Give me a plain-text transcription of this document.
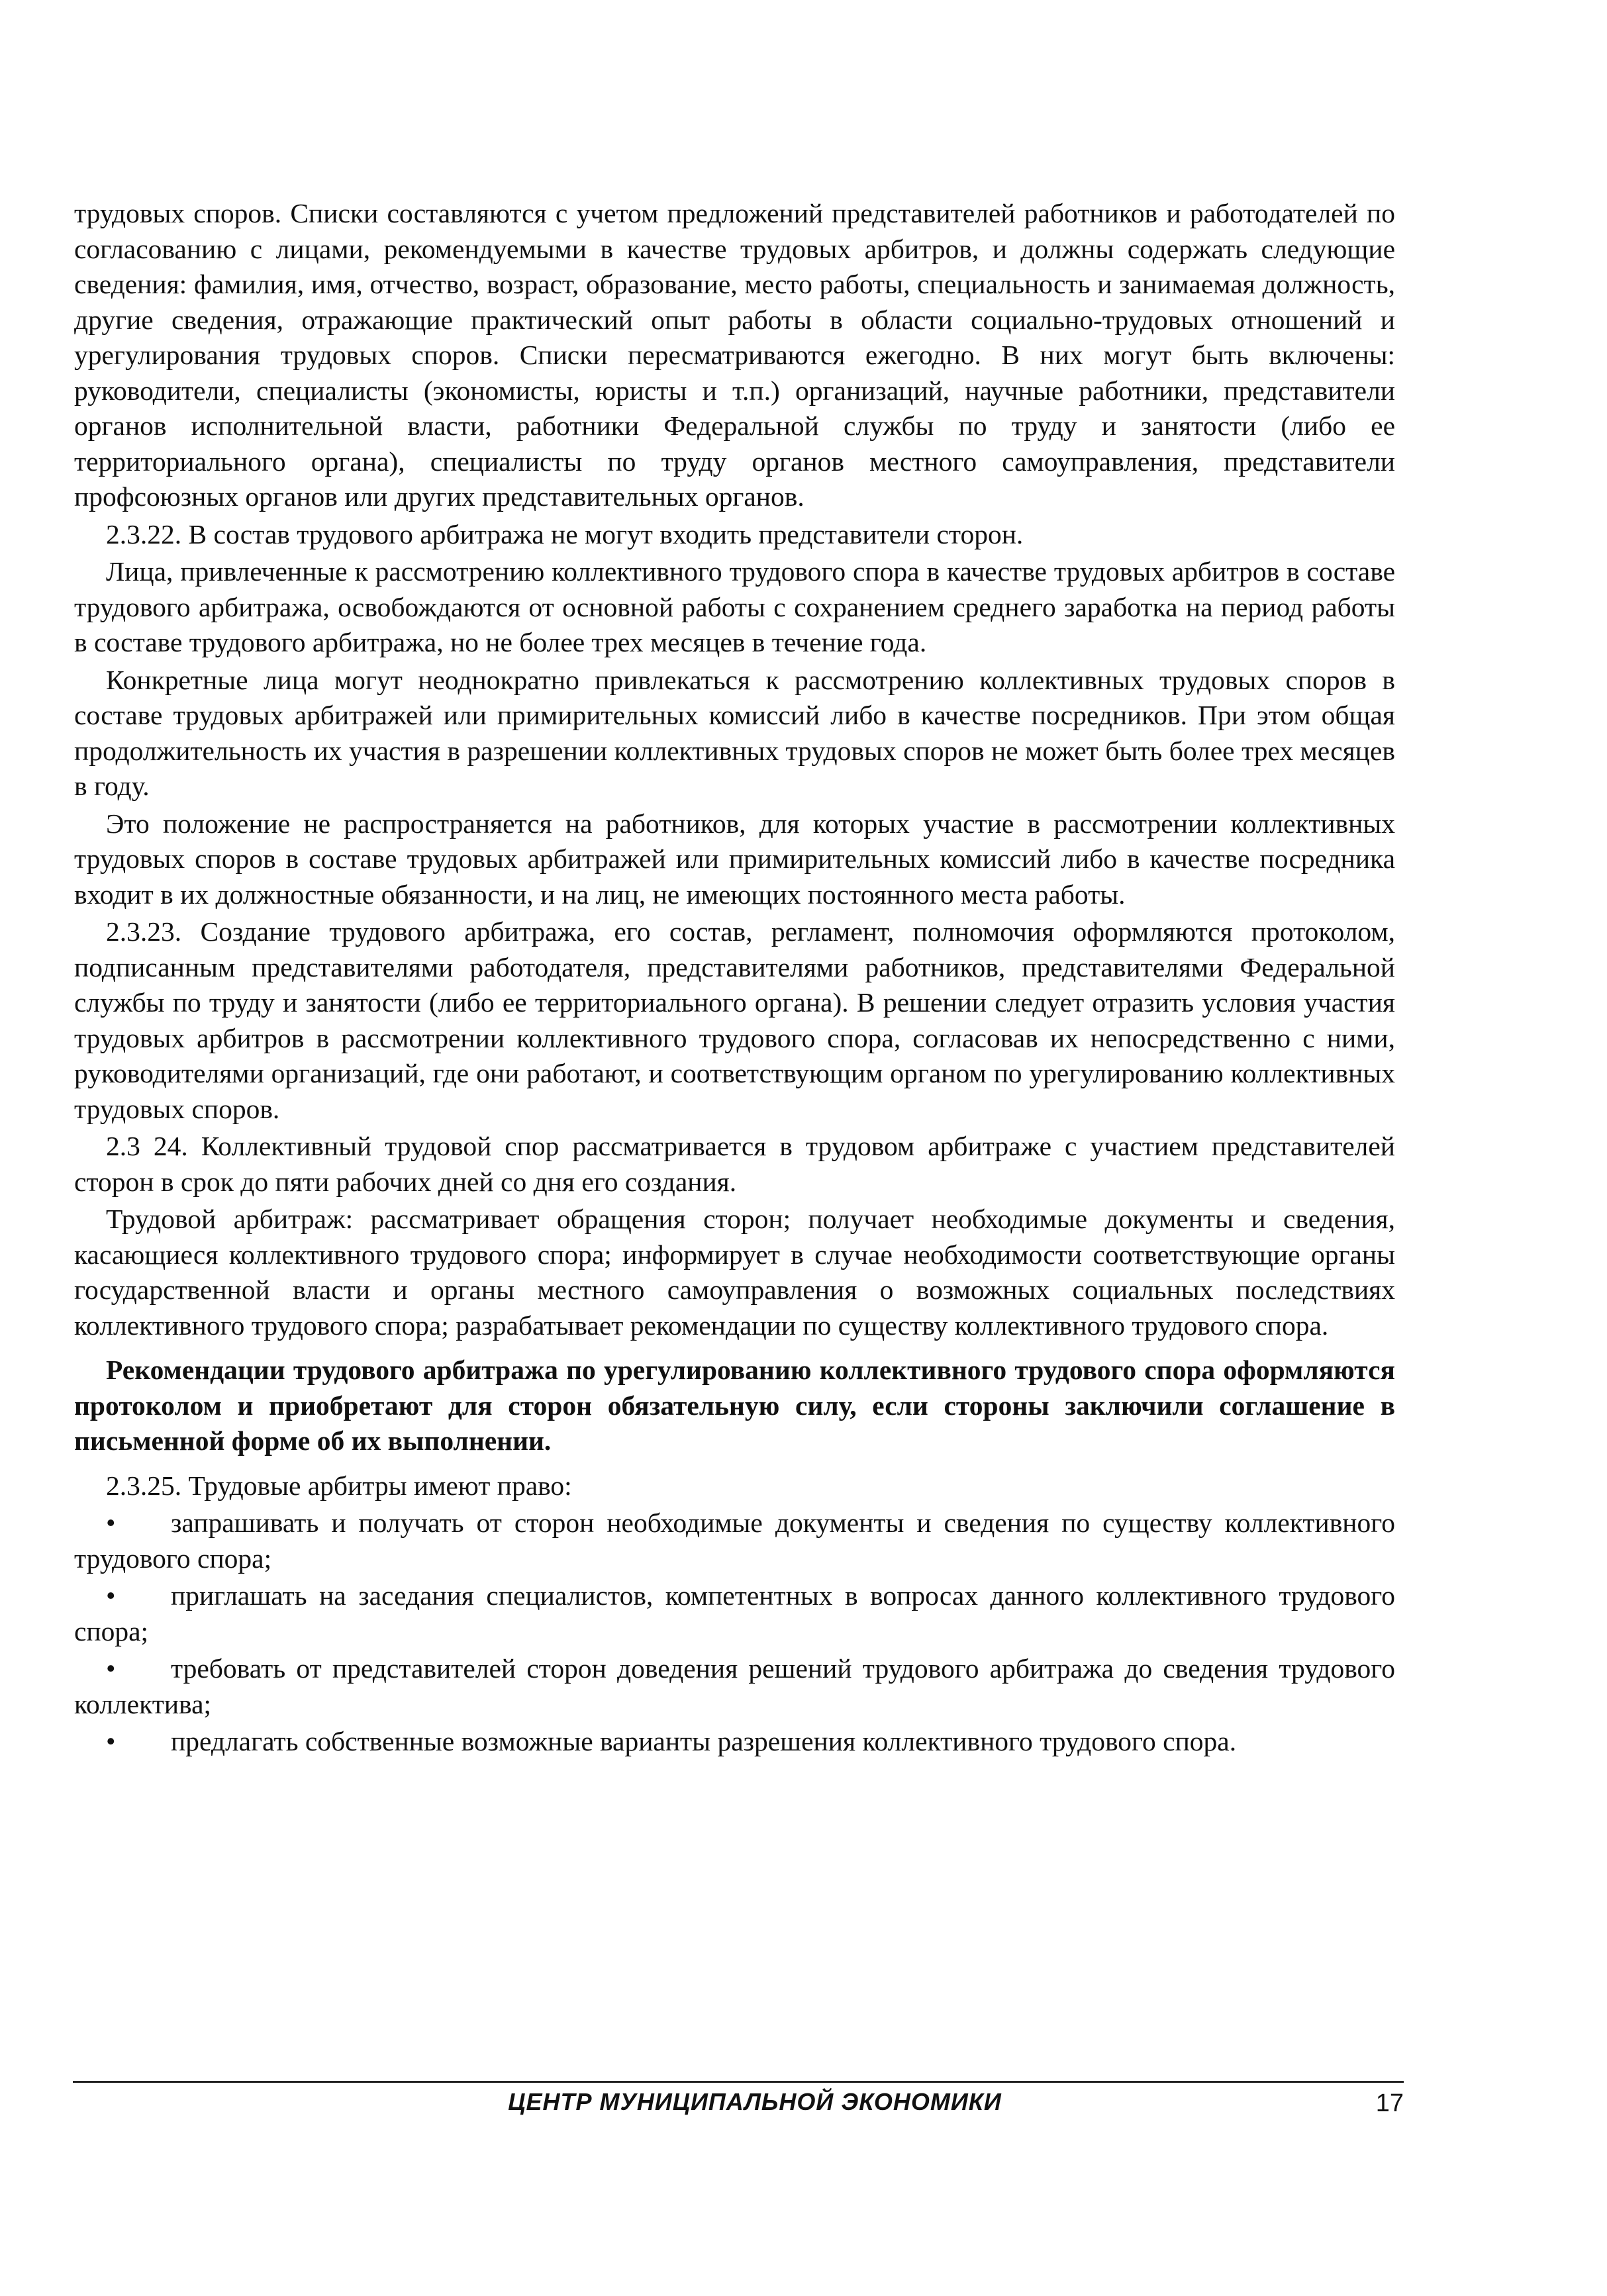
трудовых споров. Списки составляются с учетом предложений представителей работников и работодателей по согласованию с лицами, рекомендуемыми в качестве трудовых арбитров, и должны содержать следующие сведения: фамилия, имя, отчество, возраст, образование, место работы, специальность и занимаемая должность, другие сведения, отражающие практический опыт работы в области социально-трудовых отношений и урегулирования трудовых споров. Списки пересматриваются ежегодно. В них могут быть включены: руководители, специалисты (экономисты, юристы и т.п.) организаций, научные работники, представители органов исполнительной власти, работники Федеральной службы по труду и занятости (либо ее территориального органа), специалисты по труду органов местного самоуправления, представители профсоюзных органов или других представительных органов.

2.3.22. В состав трудового арбитража не могут входить представители сторон.

Лица, привлеченные к рассмотрению коллективного трудового спора в качестве трудовых арбитров в составе трудового арбитража, освобождаются от основной работы с сохранением среднего заработка на период работы в составе трудового арбитража, но не более трех месяцев в течение года.

Конкретные лица могут неоднократно привлекаться к рассмотрению коллективных трудовых споров в составе трудовых арбитражей или примирительных комиссий либо в качестве посредников. При этом общая продолжительность их участия в разрешении коллективных трудовых споров не может быть более трех месяцев в году.

Это положение не распространяется на работников, для которых участие в рассмотрении коллективных трудовых споров в составе трудовых арбитражей или примирительных комиссий либо в качестве посредника входит в их должностные обязанности, и на лиц, не имеющих постоянного места работы.

2.3.23. Создание трудового арбитража, его состав, регламент, полномочия оформляются протоколом, подписанным представителями работодателя, представителями работников, представителями Федеральной службы по труду и занятости (либо ее территориального органа). В решении следует отразить условия участия трудовых арбитров в рассмотрении коллективного трудового спора, согласовав их непосредственно с ними, руководителями организаций, где они работают, и соответствующим органом по урегулированию коллективных трудовых споров.

2.3 24. Коллективный трудовой спор рассматривается в трудовом арбитраже с участием представителей сторон в срок до пяти рабочих дней со дня его создания.

Трудовой арбитраж: рассматривает обращения сторон; получает необходимые документы и сведения, касающиеся коллективного трудового спора; информирует в случае необходимости соответствующие органы государственной власти и органы местного самоуправления о возможных социальных последствиях коллективного трудового спора; разрабатывает рекомендации по существу коллективного трудового спора.

Рекомендации трудового арбитража по урегулированию коллективного трудового спора оформляются протоколом и приобретают для сторон обязательную силу, если стороны заключили соглашение в письменной форме об их выполнении.

2.3.25. Трудовые арбитры имеют право:

• запрашивать и получать от сторон необходимые документы и сведения по существу коллективного трудового спора;

• приглашать на заседания специалистов, компетентных в вопросах данного коллективного трудового спора;

• требовать от представителей сторон доведения решений трудового арбитража до сведения трудового коллектива;

• предлагать собственные возможные варианты разрешения коллективного трудового спора.

ЦЕНТР МУНИЦИПАЛЬНОЙ ЭКОНОМИКИ	17
